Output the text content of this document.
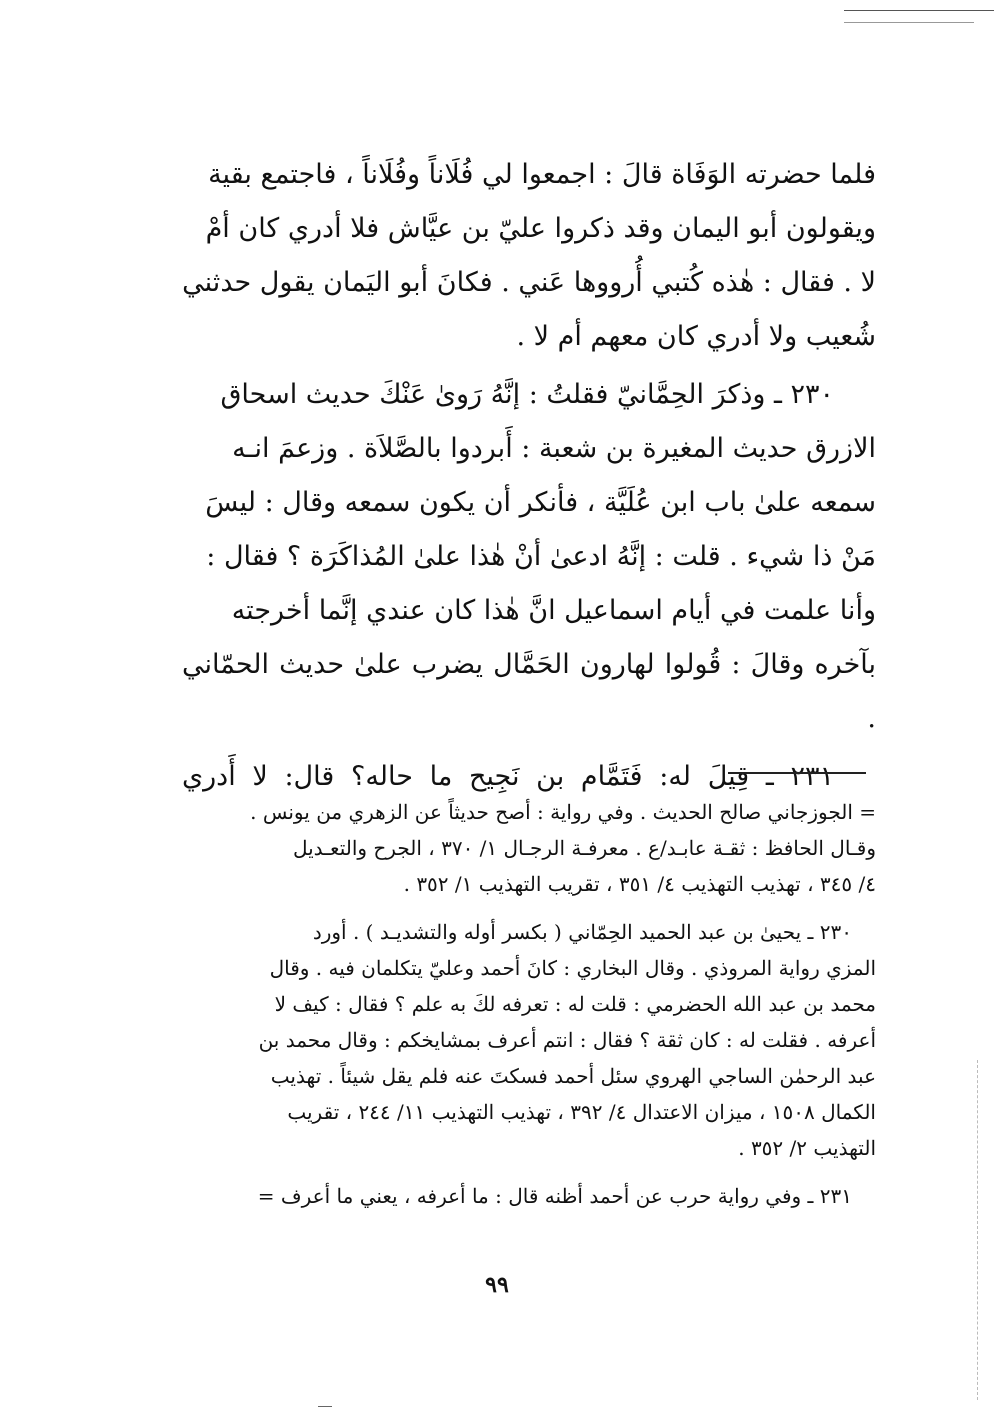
فلما حضرته الوَفَاة قالَ : اجمعوا لي فُلَاناً وفُلَاناً ، فاجتمع بقية
ويقولون أبو اليمان وقد ذكروا عليّ بن عيَّاش فلا أدري كان أمْ
لا . فقال : هٰذه كُتبي أُرووها عَني . فكانَ أبو اليَمان يقول حدثني
شُعيب ولا أدري كان معهم أم لا .

٢٣٠ ـ وذكرَ الحِمَّانيّ فقلتُ : إنَّهُ رَوىٰ عَنْكَ حديث اسحاق
الازرق حديث المغيرة بن شعبة : أَبردوا بالصَّلاَة . وزعمَ انـه
سمعه علىٰ باب ابن عُلَيَّة ، فأنكر أن يكون سمعه وقال : ليسَ
مَنْ ذا شيء . قلت : إنَّهُ ادعىٰ أنْ هٰذا علىٰ المُذاكَرَة ؟ فقال :
وأنا علمت في أيام اسماعيل انَّ هٰذا كان عندي إنَّما أخرجته
بآخره وقالَ : قُولوا لهارون الحَمَّال يضرب علىٰ حديث الحمّاني .

٢٣١ ـ قِيلَ له: فَتَمَّام بن نَجِيح ما حاله؟ قال: لا أَدري

= الجوزجاني صالح الحديث . وفي رواية : أصح حديثاً عن الزهري من يونس .
وقـال الحافظ : ثقـة عابـد/ع . معرفـة الرجـال ١/ ٣٧٠ ، الجرح والتعـديل
٤/ ٣٤٥ ، تهذيب التهذيب ٤/ ٣٥١ ، تقريب التهذيب ١/ ٣٥٢ .

٢٣٠ ـ يحيىٰ بن عبد الحميد الحِمّاني ( بكسر أوله والتشديـد ) . أورد
المزي رواية المروذي . وقال البخاري : كانَ أحمد وعليّ يتكلمان فيه . وقال
محمد بن عبد الله الحضرمي : قلت له : تعرفه لكَ به علم ؟ فقال : كيف لا
أعرفه . فقلت له : كان ثقة ؟ فقال : انتم أعرف بمشايخكم : وقال محمد بن
عبد الرحمٰن الساجي الهروي سئل أحمد فسكتَ عنه فلم يقل شيئاً . تهذيب
الكمال ١٥٠٨ ، ميزان الاعتدال ٤/ ٣٩٢ ، تهذيب التهذيب ١١/ ٢٤٤ ، تقريب
التهذيب ٢/ ٣٥٢ .

٢٣١ ـ وفي رواية حرب عن أحمد أظنه قال : ما أعرفه ، يعني ما أعرف =

٩٩
